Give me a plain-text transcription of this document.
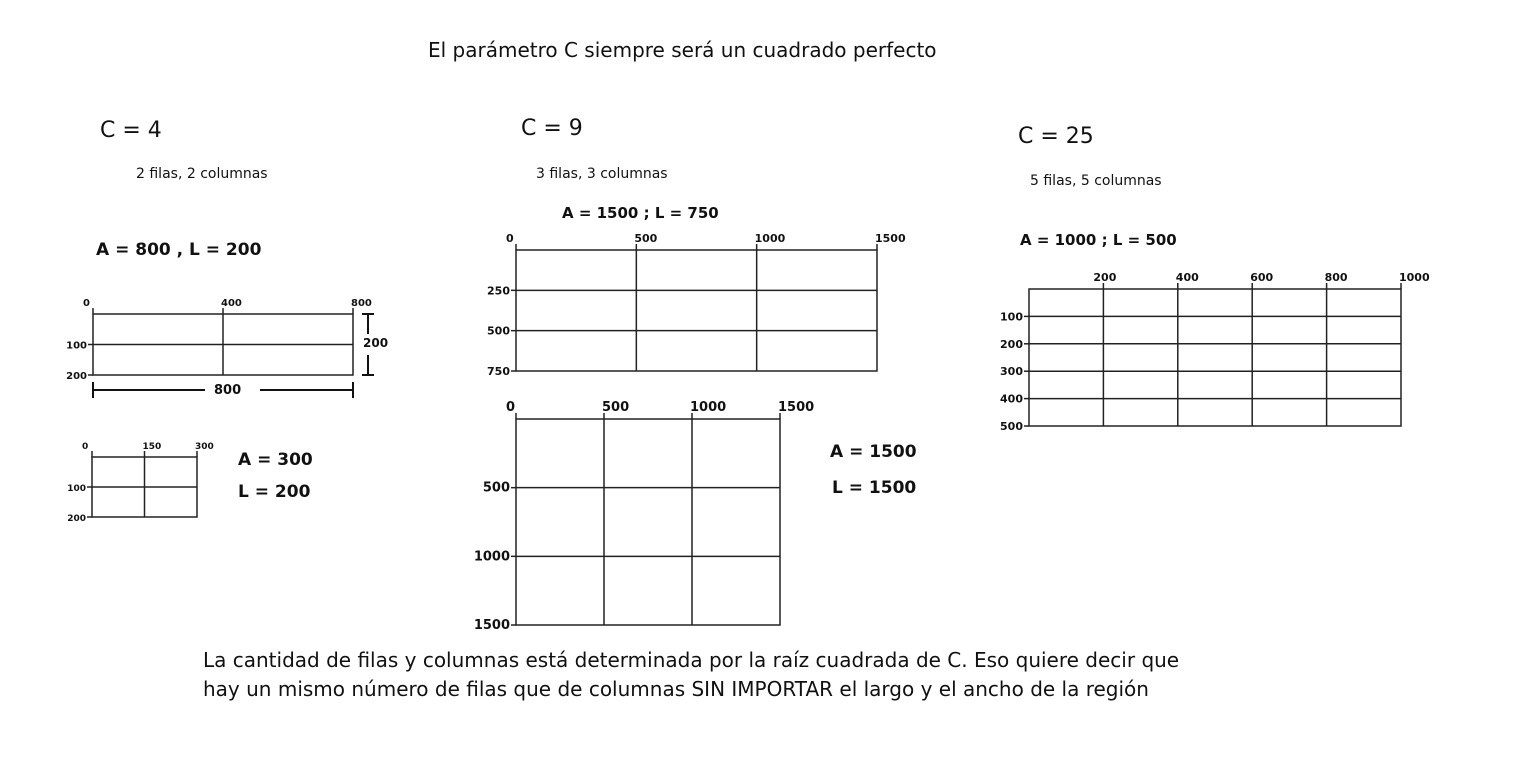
El parámetro C siempre será un cuadrado perfecto
C = 4
2 filas, 2 columnas
A = 800 , L = 200
C = 9
3 filas, 3 columnas
A = 1500 ; L = 750
C = 25
5 filas, 5 columnas
A = 1000 ; L = 500
A = 300
L = 200
A = 1500
L = 1500
0	400	800
100
200
0	150	300
100
200
0	500	1000	1500
250
500
750
0	500	1000	1500
500
1000
1500
200	400	600	800	1000
100
200
300
400
500
800
200
La cantidad de filas y columnas está determinada por la raíz cuadrada de C. Eso quiere decir que
hay un mismo número de filas que de columnas SIN IMPORTAR el largo y el ancho de la región
